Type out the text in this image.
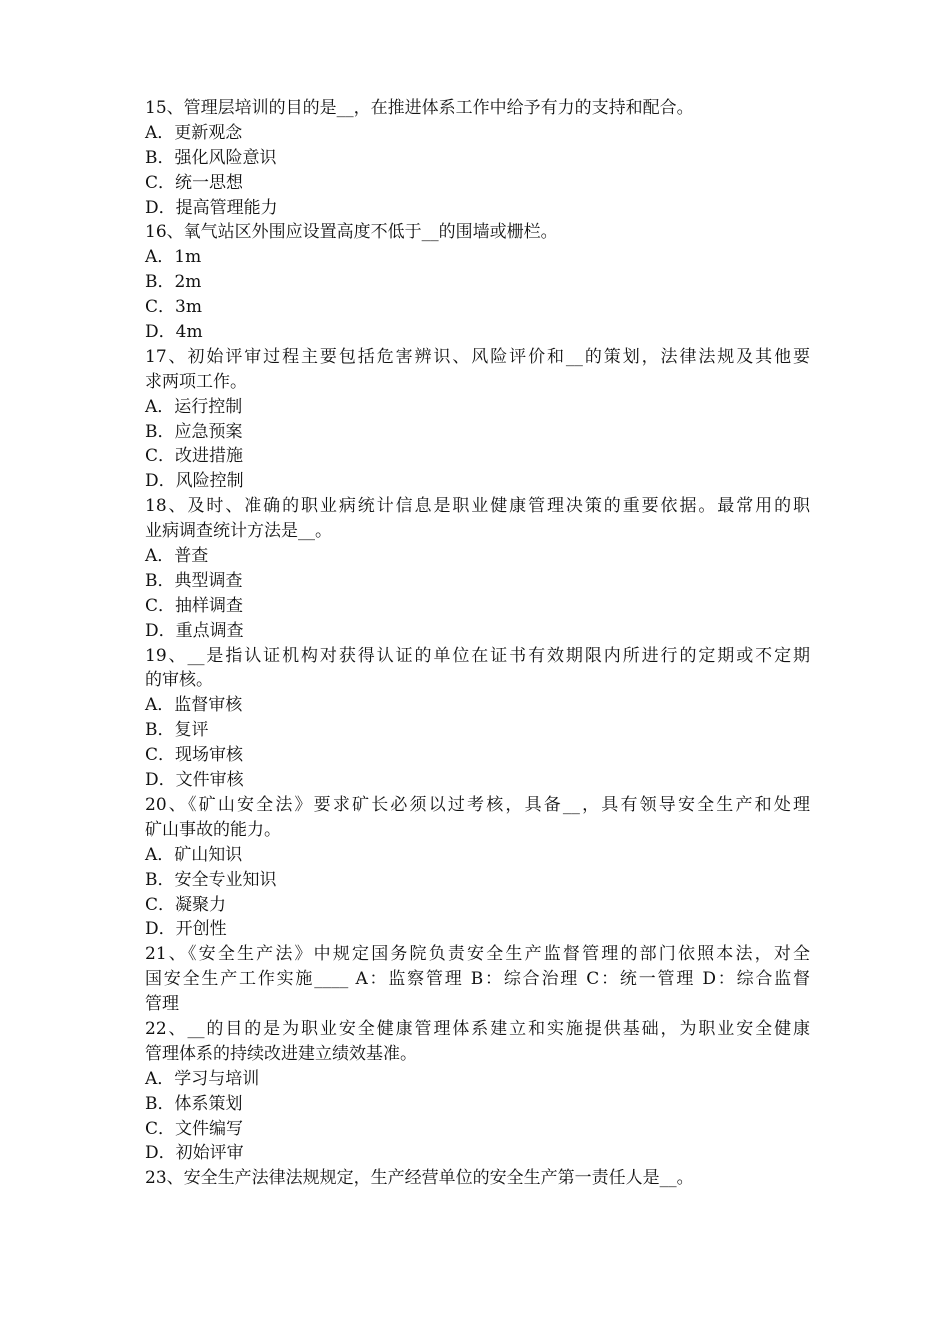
15、管理层培训的目的是__，在推进体系工作中给予有力的支持和配合。
A．更新观念
B．强化风险意识
C．统一思想
D．提高管理能力
16、氧气站区外围应设置高度不低于__的围墙或栅栏。
A．1m
B．2m
C．3m
D．4m
17、初始评审过程主要包括危害辨识、风险评价和__的策划，法律法规及其他要
求两项工作。
A．运行控制
B．应急预案
C．改进措施
D．风险控制
18、及时、准确的职业病统计信息是职业健康管理决策的重要依据。最常用的职
业病调查统计方法是__。
A．普查
B．典型调查
C．抽样调查
D．重点调查
19、__是指认证机构对获得认证的单位在证书有效期限内所进行的定期或不定期
的审核。
A．监督审核
B．复评
C．现场审核
D．文件审核
20、《矿山安全法》要求矿长必须以过考核，具备__，具有领导安全生产和处理
矿山事故的能力。
A．矿山知识
B．安全专业知识
C．凝聚力
D．开创性
21、《安全生产法》中规定国务院负责安全生产监督管理的部门依照本法，对全
国安全生产工作实施____ A：监察管理 B：综合治理 C：统一管理 D：综合监督
管理
22、__的目的是为职业安全健康管理体系建立和实施提供基础，为职业安全健康
管理体系的持续改进建立绩效基准。
A．学习与培训
B．体系策划
C．文件编写
D．初始评审
23、安全生产法律法规规定，生产经营单位的安全生产第一责任人是__。
